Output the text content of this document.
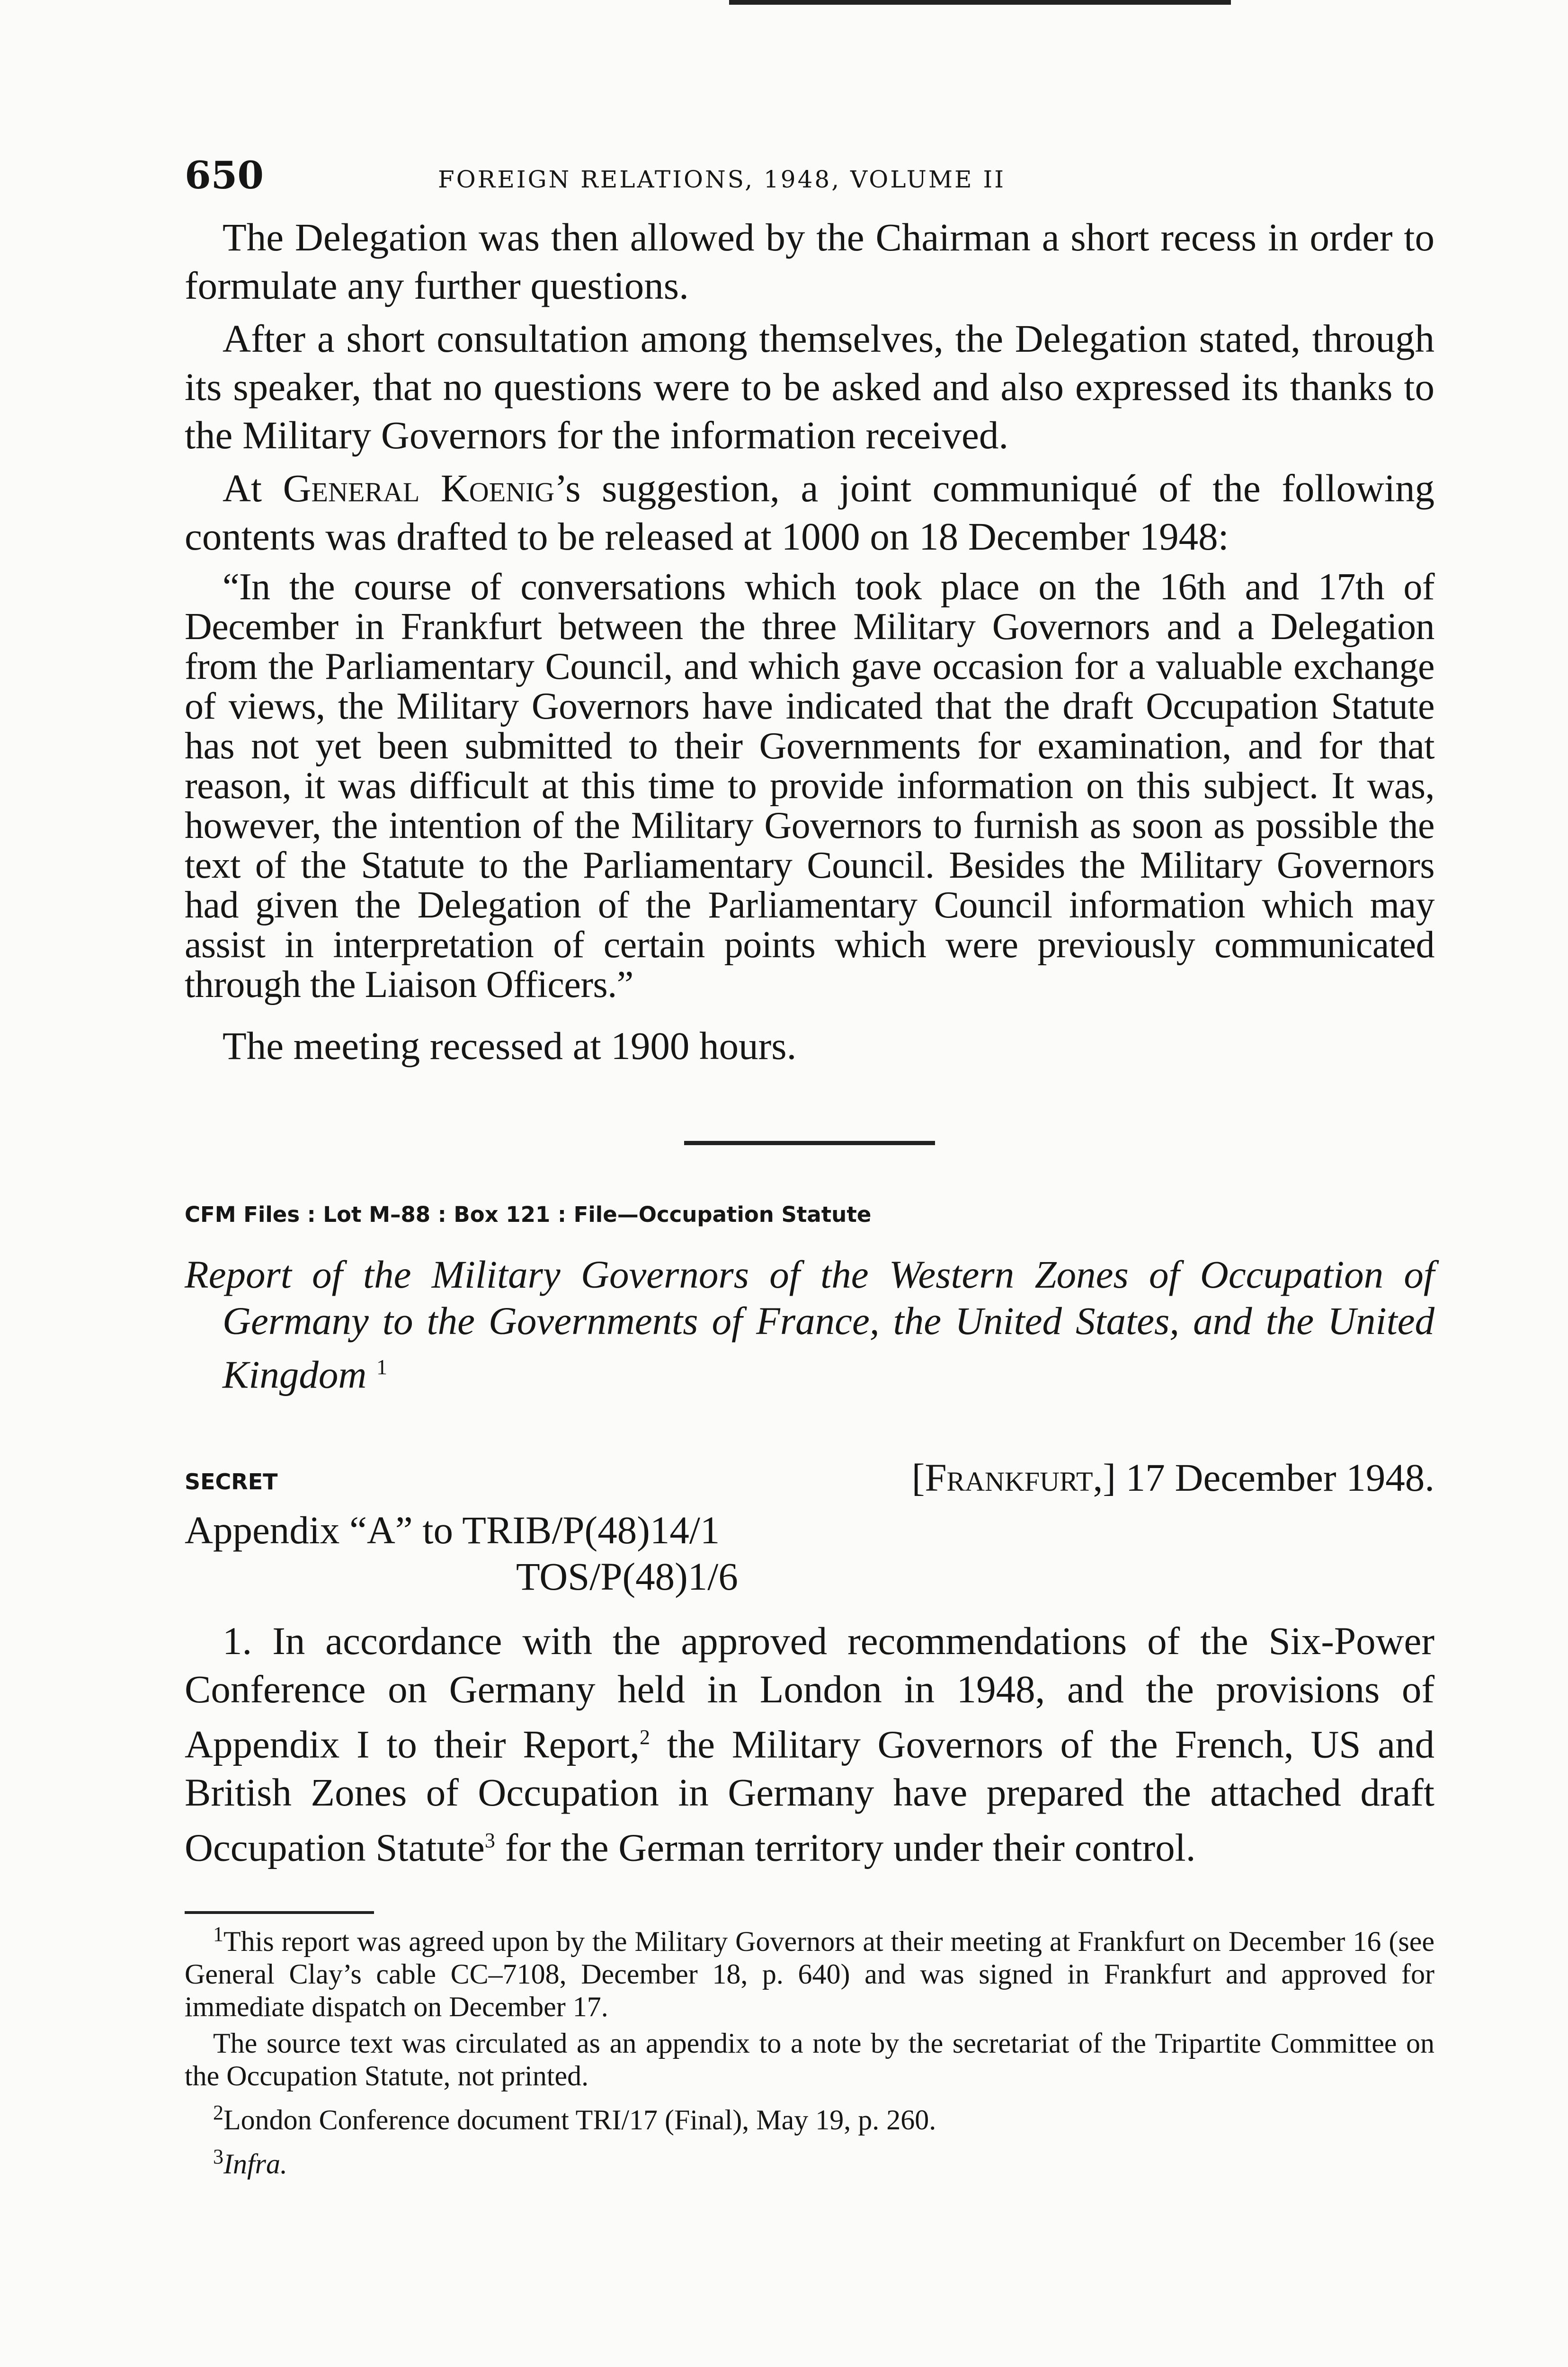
650	FOREIGN RELATIONS, 1948, VOLUME II

The Delegation was then allowed by the Chairman a short recess in order to formulate any further questions.

After a short consultation among themselves, the Delegation stated, through its speaker, that no questions were to be asked and also expressed its thanks to the Military Governors for the information received.

At General Koenig’s suggestion, a joint communiqué of the following contents was drafted to be released at 1000 on 18 December 1948:

“In the course of conversations which took place on the 16th and 17th of December in Frankfurt between the three Military Governors and a Delegation from the Parliamentary Council, and which gave occasion for a valuable exchange of views, the Military Governors have indicated that the draft Occupation Statute has not yet been submitted to their Governments for examination, and for that reason, it was difficult at this time to provide information on this subject. It was, however, the intention of the Military Governors to furnish as soon as possible the text of the Statute to the Parliamentary Council. Besides the Military Governors had given the Delegation of the Parliamentary Council information which may assist in interpretation of certain points which were previously communicated through the Liaison Officers.”

The meeting recessed at 1900 hours.

CFM Files : Lot M–88 : Box 121 : File—Occupation Statute
Report of the Military Governors of the Western Zones of Occupation of Germany to the Governments of France, the United States, and the United Kingdom $^1$
SECRET	[Frankfurt,] 17 December 1948.
Appendix “A” to TRIB/P(48)14/1
TOS/P(48)1/6

1. In accordance with the approved recommendations of the Six-Power Conference on Germany held in London in 1948, and the provisions of Appendix I to their Report,$^2$ the Military Governors of the French, US and British Zones of Occupation in Germany have prepared the attached draft Occupation Statute$^3$ for the German territory under their control.

$^1$This report was agreed upon by the Military Governors at their meeting at Frankfurt on December 16 (see General Clay’s cable CC–7108, December 18, p. 640) and was signed in Frankfurt and approved for immediate dispatch on December 17.

The source text was circulated as an appendix to a note by the secretariat of the Tripartite Committee on the Occupation Statute, not printed.

$^2$London Conference document TRI/17 (Final), May 19, p. 260.

$^3$Infra.
